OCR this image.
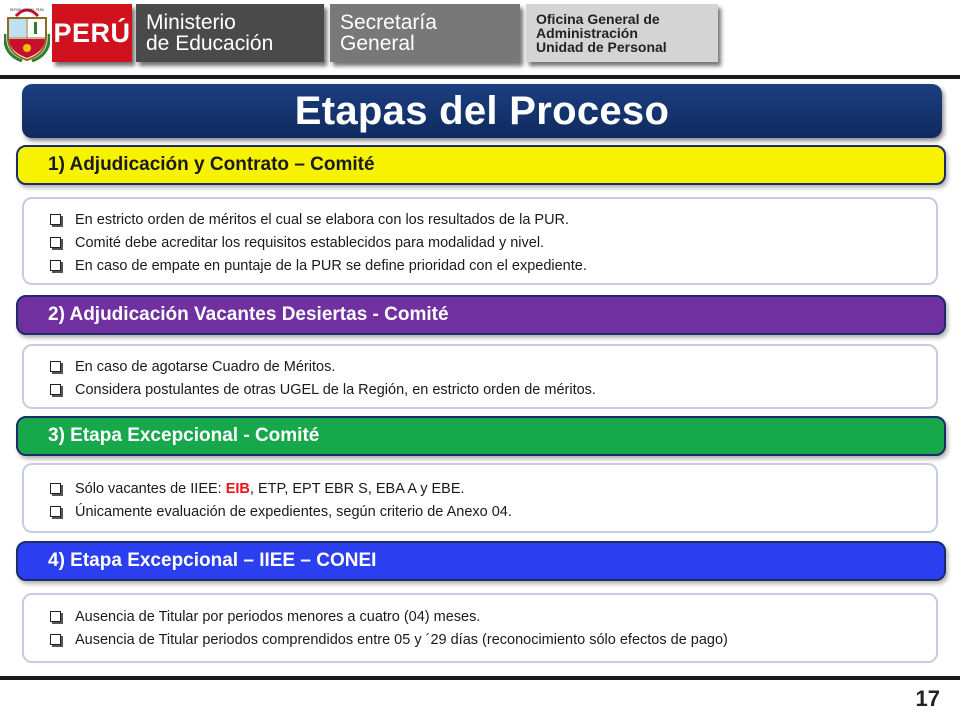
REPÚBLICA DEL PERÚ
PERÚ Ministerio
de Educación
Secretaría
General
Oficina General de
Administración
Unidad de Personal
Etapas del Proceso
1) Adjudicación y Contrato – Comité
En estricto orden de méritos el cual se elabora con los resultados de la PUR.
Comité debe acreditar los requisitos establecidos para modalidad y nivel.
En caso de empate en puntaje de la PUR se define prioridad con el expediente.
2) Adjudicación Vacantes Desiertas - Comité
En caso de agotarse Cuadro de Méritos.
Considera postulantes de otras UGEL de la Región, en estricto orden de méritos.
3) Etapa Excepcional - Comité
Sólo vacantes de IIEE: EIB , ETP, EPT EBR S, EBA A y EBE.
Únicamente evaluación de expedientes, según criterio de Anexo 04.
4) Etapa Excepcional – IIEE – CONEI
Ausencia de Titular por periodos menores a cuatro (04) meses.
Ausencia de Titular periodos comprendidos entre 05 y ´29 días (reconocimiento sólo efectos de pago)
17
